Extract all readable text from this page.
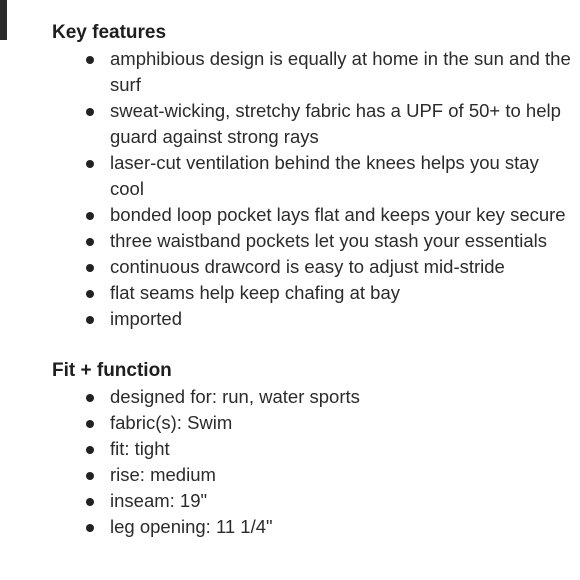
Key features
amphibious design is equally at home in the sun and the surf
sweat-wicking, stretchy fabric has a UPF of 50+ to help guard against strong rays
laser-cut ventilation behind the knees helps you stay cool
bonded loop pocket lays flat and keeps your key secure
three waistband pockets let you stash your essentials
continuous drawcord is easy to adjust mid-stride
flat seams help keep chafing at bay
imported
Fit + function
designed for: run, water sports
fabric(s): Swim
fit: tight
rise: medium
inseam: 19"
leg opening: 11 1/4"
